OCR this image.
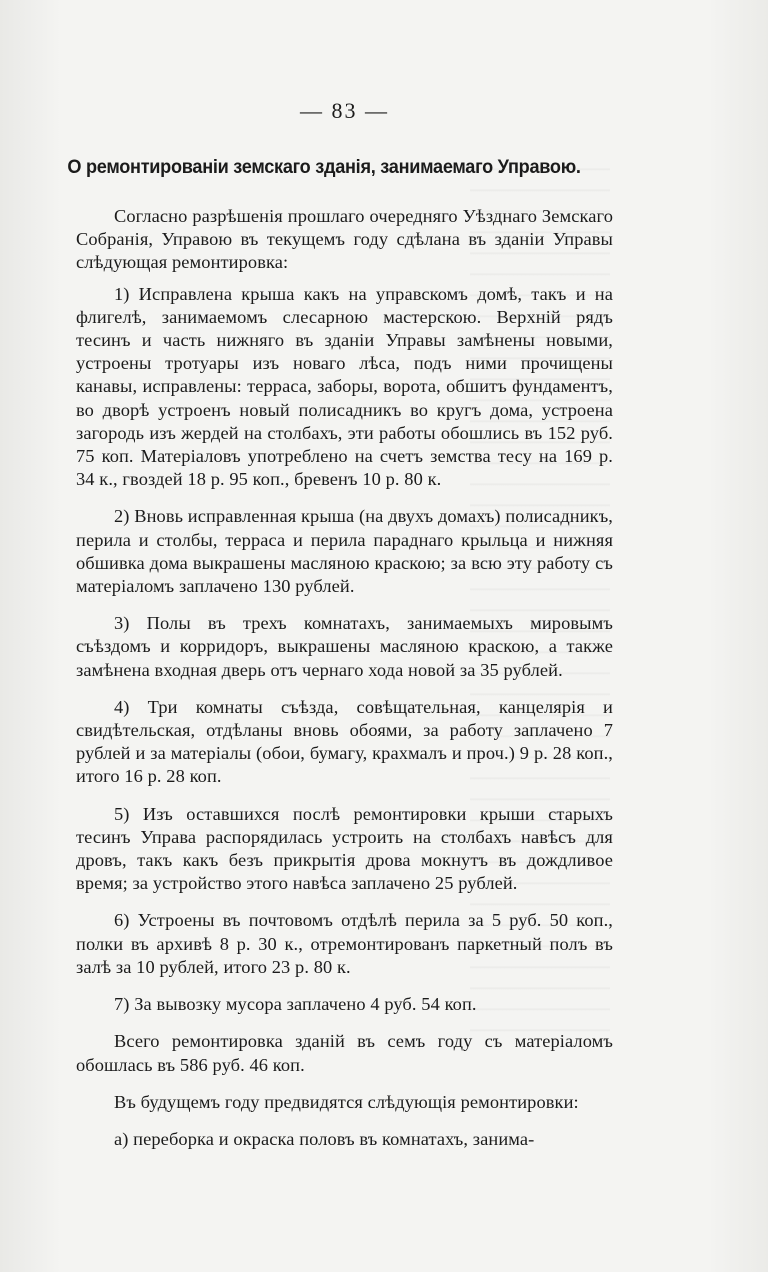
— 83 —
О ремонтированіи земскаго зданія, занимаемаго Управою.

Согласно разрѣшенія прошлаго очередняго Уѣзднаго Земскаго Собранія, Управою въ текущемъ году сдѣлана въ зданіи Управы слѣдующая ремонтировка:

1) Исправлена крыша какъ на управскомъ домѣ, такъ и на флигелѣ, занимаемомъ слесарною мастерскою. Верхній рядъ тесинъ и часть нижняго въ зданіи Управы замѣнены новыми, устроены тротуары изъ новаго лѣса, подъ ними прочищены канавы, исправлены: терраса, заборы, ворота, обшитъ фундаментъ, во дворѣ устроенъ новый полисадникъ во кругъ дома, устроена загородь изъ жердей на столбахъ, эти работы обошлись въ 152 руб. 75 коп. Матеріаловъ употреблено на счетъ земства тесу на 169 р. 34 к., гвоздей 18 р. 95 коп., бревенъ 10 р. 80 к.

2) Вновь исправленная крыша (на двухъ домахъ) полисадникъ, перила и столбы, терраса и перила параднаго крыльца и нижняя обшивка дома выкрашены масляною краскою; за всю эту работу съ матеріаломъ заплачено 130 рублей.

3) Полы въ трехъ комнатахъ, занимаемыхъ мировымъ съѣздомъ и корридоръ, выкрашены масляною краскою, а также замѣнена входная дверь отъ чернаго хода новой за 35 рублей.

4) Три комнаты съѣзда, совѣщательная, канцелярія и свидѣтельская, отдѣланы вновь обоями, за работу заплачено 7 рублей и за матеріалы (обои, бумагу, крахмалъ и проч.) 9 р. 28 коп., итого 16 р. 28 коп.

5) Изъ оставшихся послѣ ремонтировки крыши старыхъ тесинъ Управа распорядилась устроить на столбахъ навѣсъ для дровъ, такъ какъ безъ прикрытія дрова мокнутъ въ дождливое время; за устройство этого навѣса заплачено 25 рублей.

6) Устроены въ почтовомъ отдѣлѣ перила за 5 руб. 50 коп., полки въ архивѣ 8 р. 30 к., отремонтированъ паркетный полъ въ залѣ за 10 рублей, итого 23 р. 80 к.

7) За вывозку мусора заплачено 4 руб. 54 коп.

Всего ремонтировка зданій въ семъ году съ матеріаломъ обошлась въ 586 руб. 46 коп.

Въ будущемъ году предвидятся слѣдующія ремонтировки:

а) переборка и окраска половъ въ комнатахъ, занима-
